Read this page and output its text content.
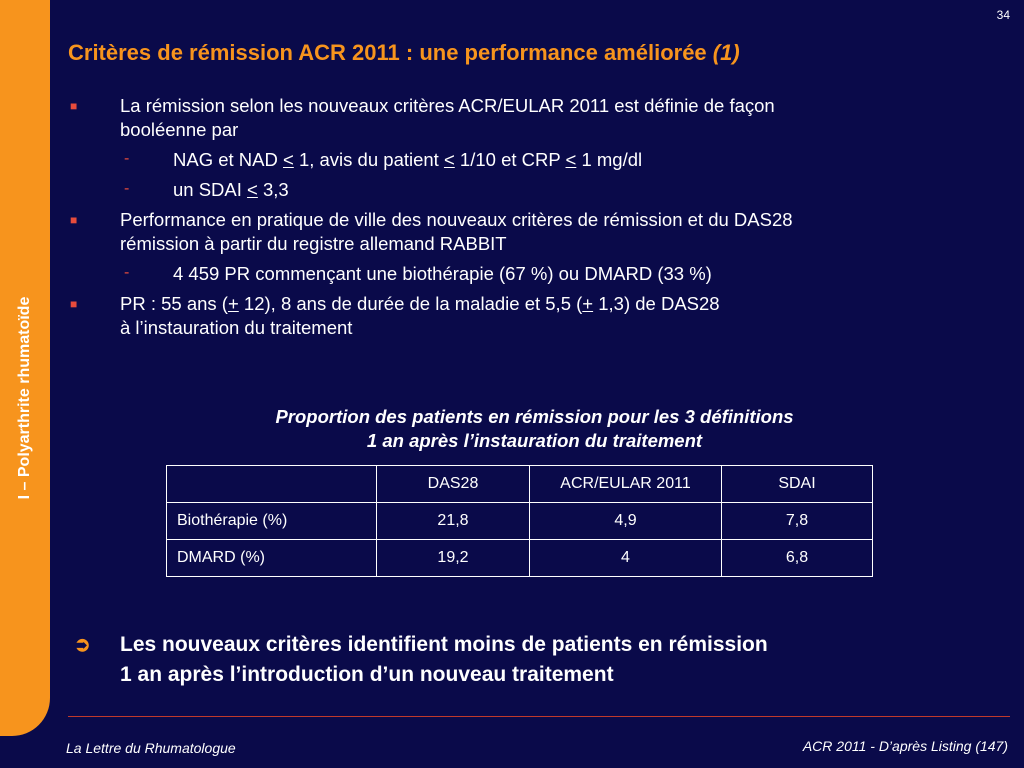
I – Polyarthrite rhumatoïde
34
Critères de rémission ACR 2011 : une performance améliorée (1)
■ La rémission selon les nouveaux critères ACR/EULAR 2011 est définie de façon
booléenne par
- NAG et NAD ≤ 1, avis du patient ≤ 1/10 et CRP ≤ 1 mg/dl
- un SDAI ≤ 3,3
■ Performance en pratique de ville des nouveaux critères de rémission et du DAS28
rémission à partir du registre allemand RABBIT
- 4 459 PR commençant une biothérapie (67 %) ou DMARD (33 %)
■ PR : 55 ans (+ 12), 8 ans de durée de la maladie et 5,5 (+ 1,3) de DAS28
à l’instauration du traitement
Proportion des patients en rémission pour les 3 définitions
1 an après l’instauration du traitement
	DAS28	ACR/EULAR 2011	SDAI
Biothérapie (%)	21,8	4,9	7,8
DMARD (%)	19,2	4	6,8
➲	Les nouveaux critères identifient moins de patients en rémission
1 an après l’introduction d’un nouveau traitement
La Lettre du Rhumatologue	ACR 2011 - D’après Listing (147)
